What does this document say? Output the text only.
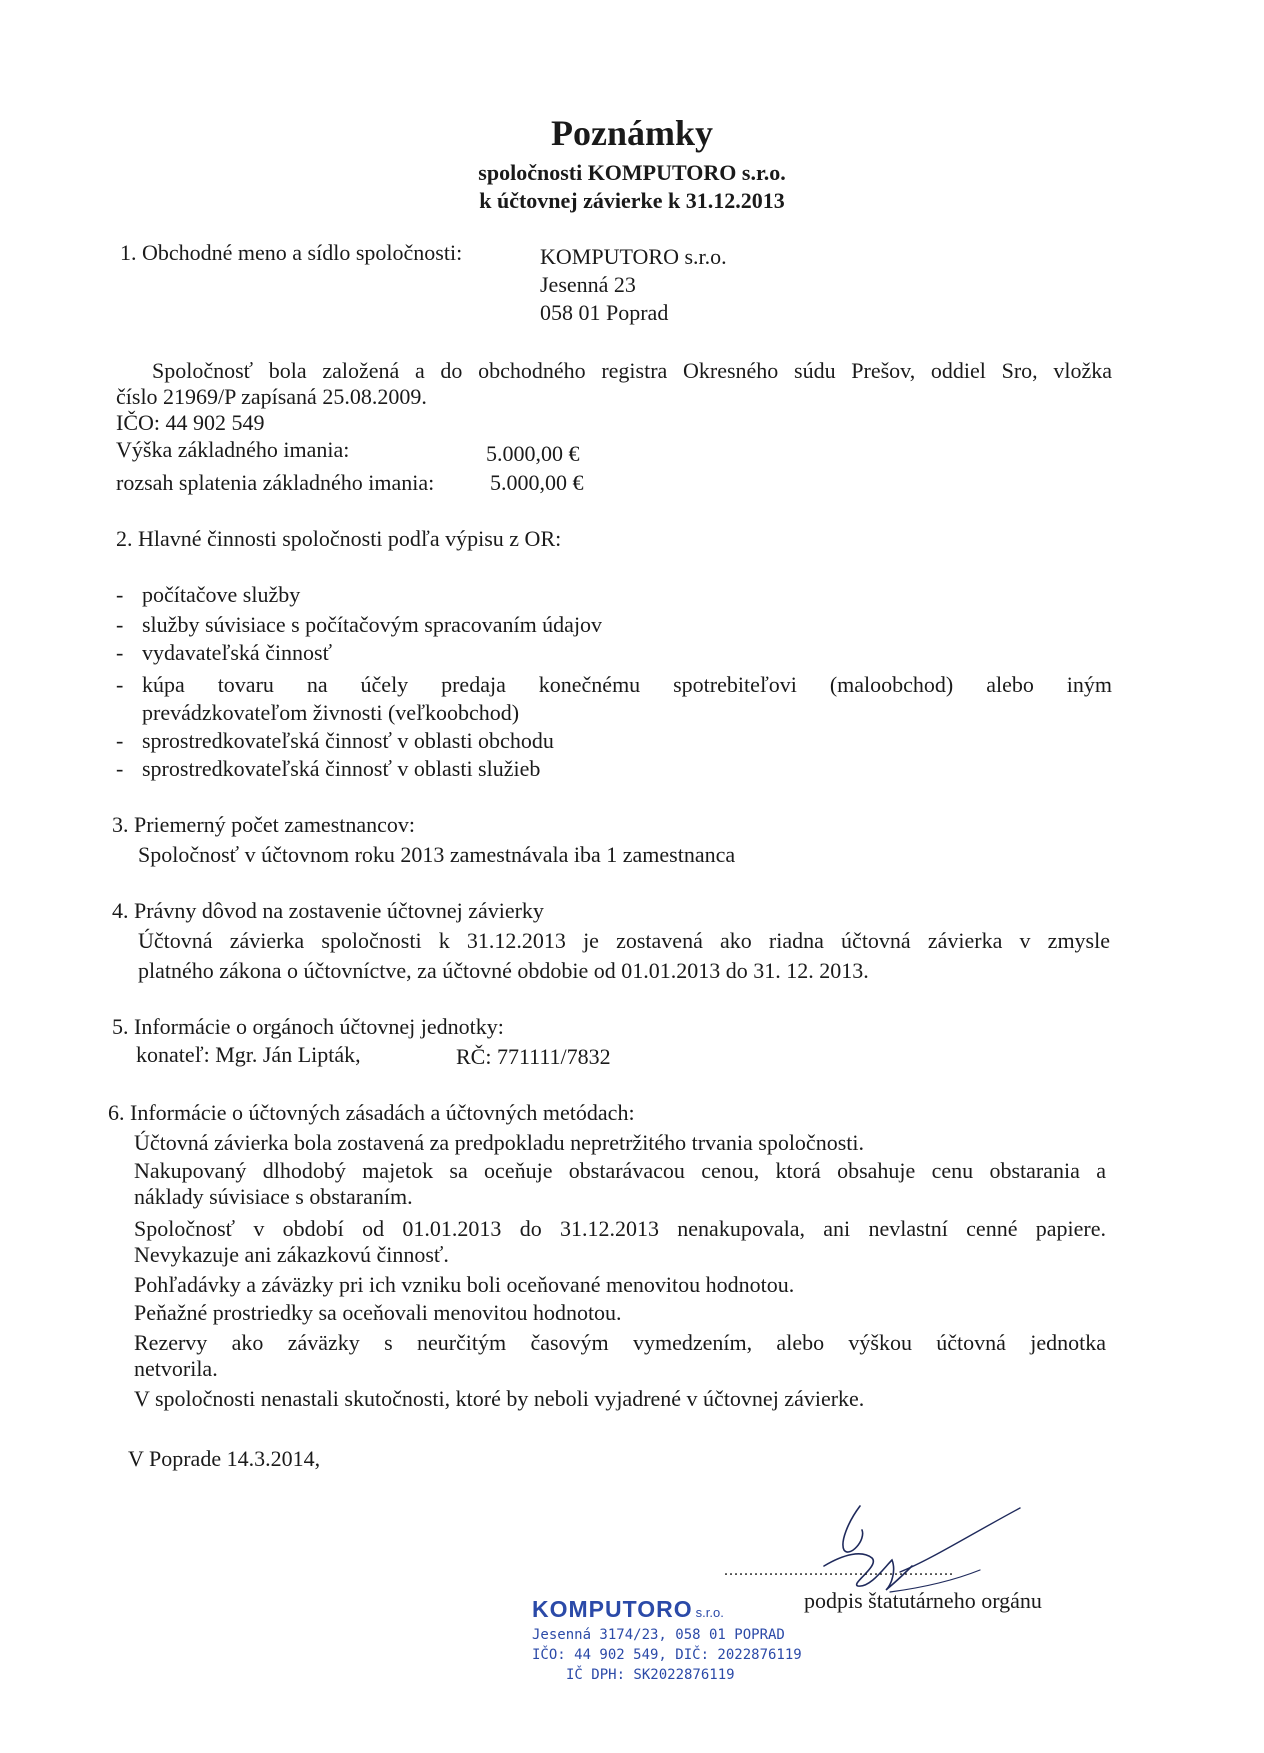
Poznámky
spoločnosti KOMPUTORO s.r.o.
k účtovnej závierke k 31.12.2013
1. Obchodné meno a sídlo spoločnosti:	KOMPUTORO s.r.o.
Jesenná 23
058 01 Poprad
Spoločnosť bola založená a do obchodného registra Okresného súdu Prešov, oddiel Sro, vložka
číslo 21969/P zapísaná 25.08.2009.
IČO: 44 902 549
Výška základného imania:	5.000,00 €
rozsah splatenia základného imania:	5.000,00 €
2. Hlavné činnosti spoločnosti podľa výpisu z OR:
- počítačove služby
- služby súvisiace s počítačovým spracovaním údajov
- vydavateľská činnosť
- kúpa tovaru na účely predaja konečnému spotrebiteľovi (maloobchod) alebo iným
prevádzkovateľom živnosti (veľkoobchod)
- sprostredkovateľská činnosť v oblasti obchodu
- sprostredkovateľská činnosť v oblasti služieb
3. Priemerný počet zamestnancov:
Spoločnosť v účtovnom roku 2013 zamestnávala iba 1 zamestnanca
4. Právny dôvod na zostavenie účtovnej závierky
Účtovná závierka spoločnosti k 31.12.2013 je zostavená ako riadna účtovná závierka v zmysle
platného zákona o účtovníctve, za účtovné obdobie od 01.01.2013 do 31. 12. 2013.
5. Informácie o orgánoch účtovnej jednotky:
konateľ: Mgr. Ján Lipták,	RČ: 771111/7832
6. Informácie o účtovných zásadách a účtovných metódach:
Účtovná závierka bola zostavená za predpokladu nepretržitého trvania spoločnosti.
Nakupovaný dlhodobý majetok sa oceňuje obstarávacou cenou, ktorá obsahuje cenu obstarania a
náklady súvisiace s obstaraním.
Spoločnosť v období od 01.01.2013 do 31.12.2013 nenakupovala, ani nevlastní cenné papiere.
Nevykazuje ani zákazkovú činnosť.
Pohľadávky a záväzky pri ich vzniku boli oceňované menovitou hodnotou.
Peňažné prostriedky sa oceňovali menovitou hodnotou.
Rezervy ako záväzky s neurčitým časovým vymedzením, alebo výškou účtovná jednotka
netvorila.
V spoločnosti nenastali skutočnosti, ktoré by neboli vyjadrené v účtovnej závierke.
V Poprade 14.3.2014,
..............................................
podpis štatutárneho orgánu
KOMPUTORO s.r.o.
Jesenná 3174/23, 058 01 POPRAD
IČO: 44 902 549, DIČ: 2022876119
IČ DPH: SK2022876119
